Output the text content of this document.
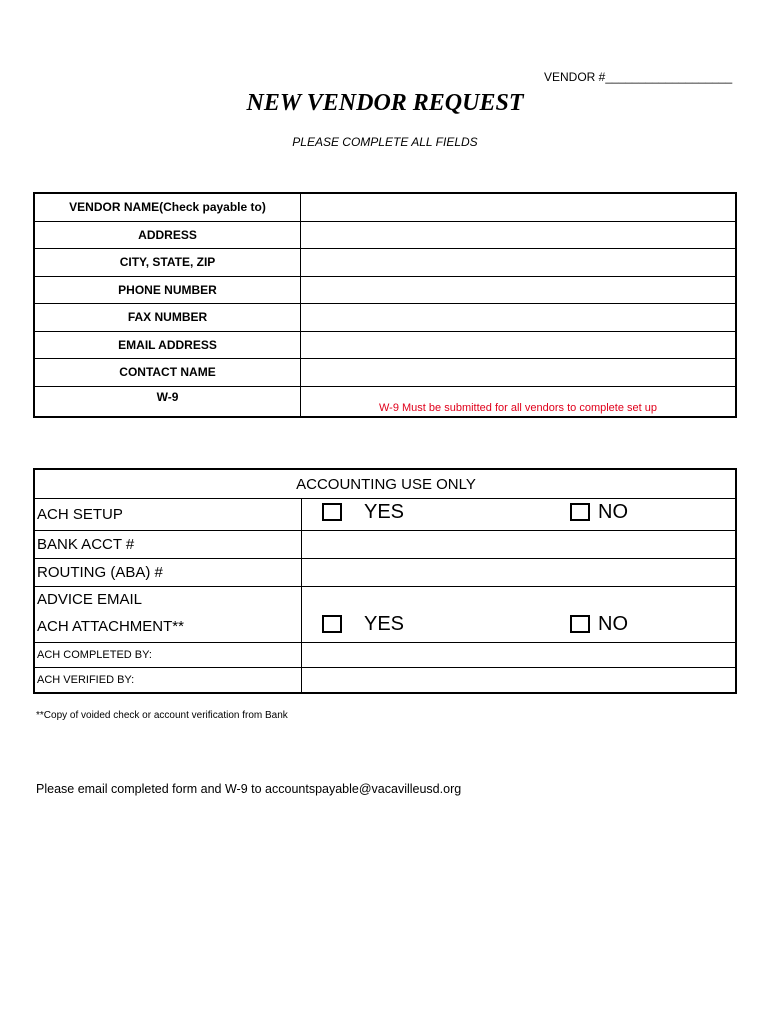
VENDOR #___________________
NEW VENDOR REQUEST
PLEASE COMPLETE ALL FIELDS
VENDOR NAME(Check payable to)	
ADDRESS	
CITY, STATE, ZIP	
PHONE NUMBER	
FAX NUMBER	
EMAIL ADDRESS	
CONTACT NAME	
W-9	W-9 Must be submitted for all vendors to complete set up
ACCOUNTING USE ONLY	
ACH SETUP	YES NO

BANK ACCT #	
ROUTING (ABA) #	
ADVICE EMAIL	
ACH ATTACHMENT**	YES NO

ACH COMPLETED BY:	
ACH VERIFIED BY:	
**Copy of voided check or account verification from Bank
Please email completed form and W-9 to accountspayable@vacavilleusd.org
